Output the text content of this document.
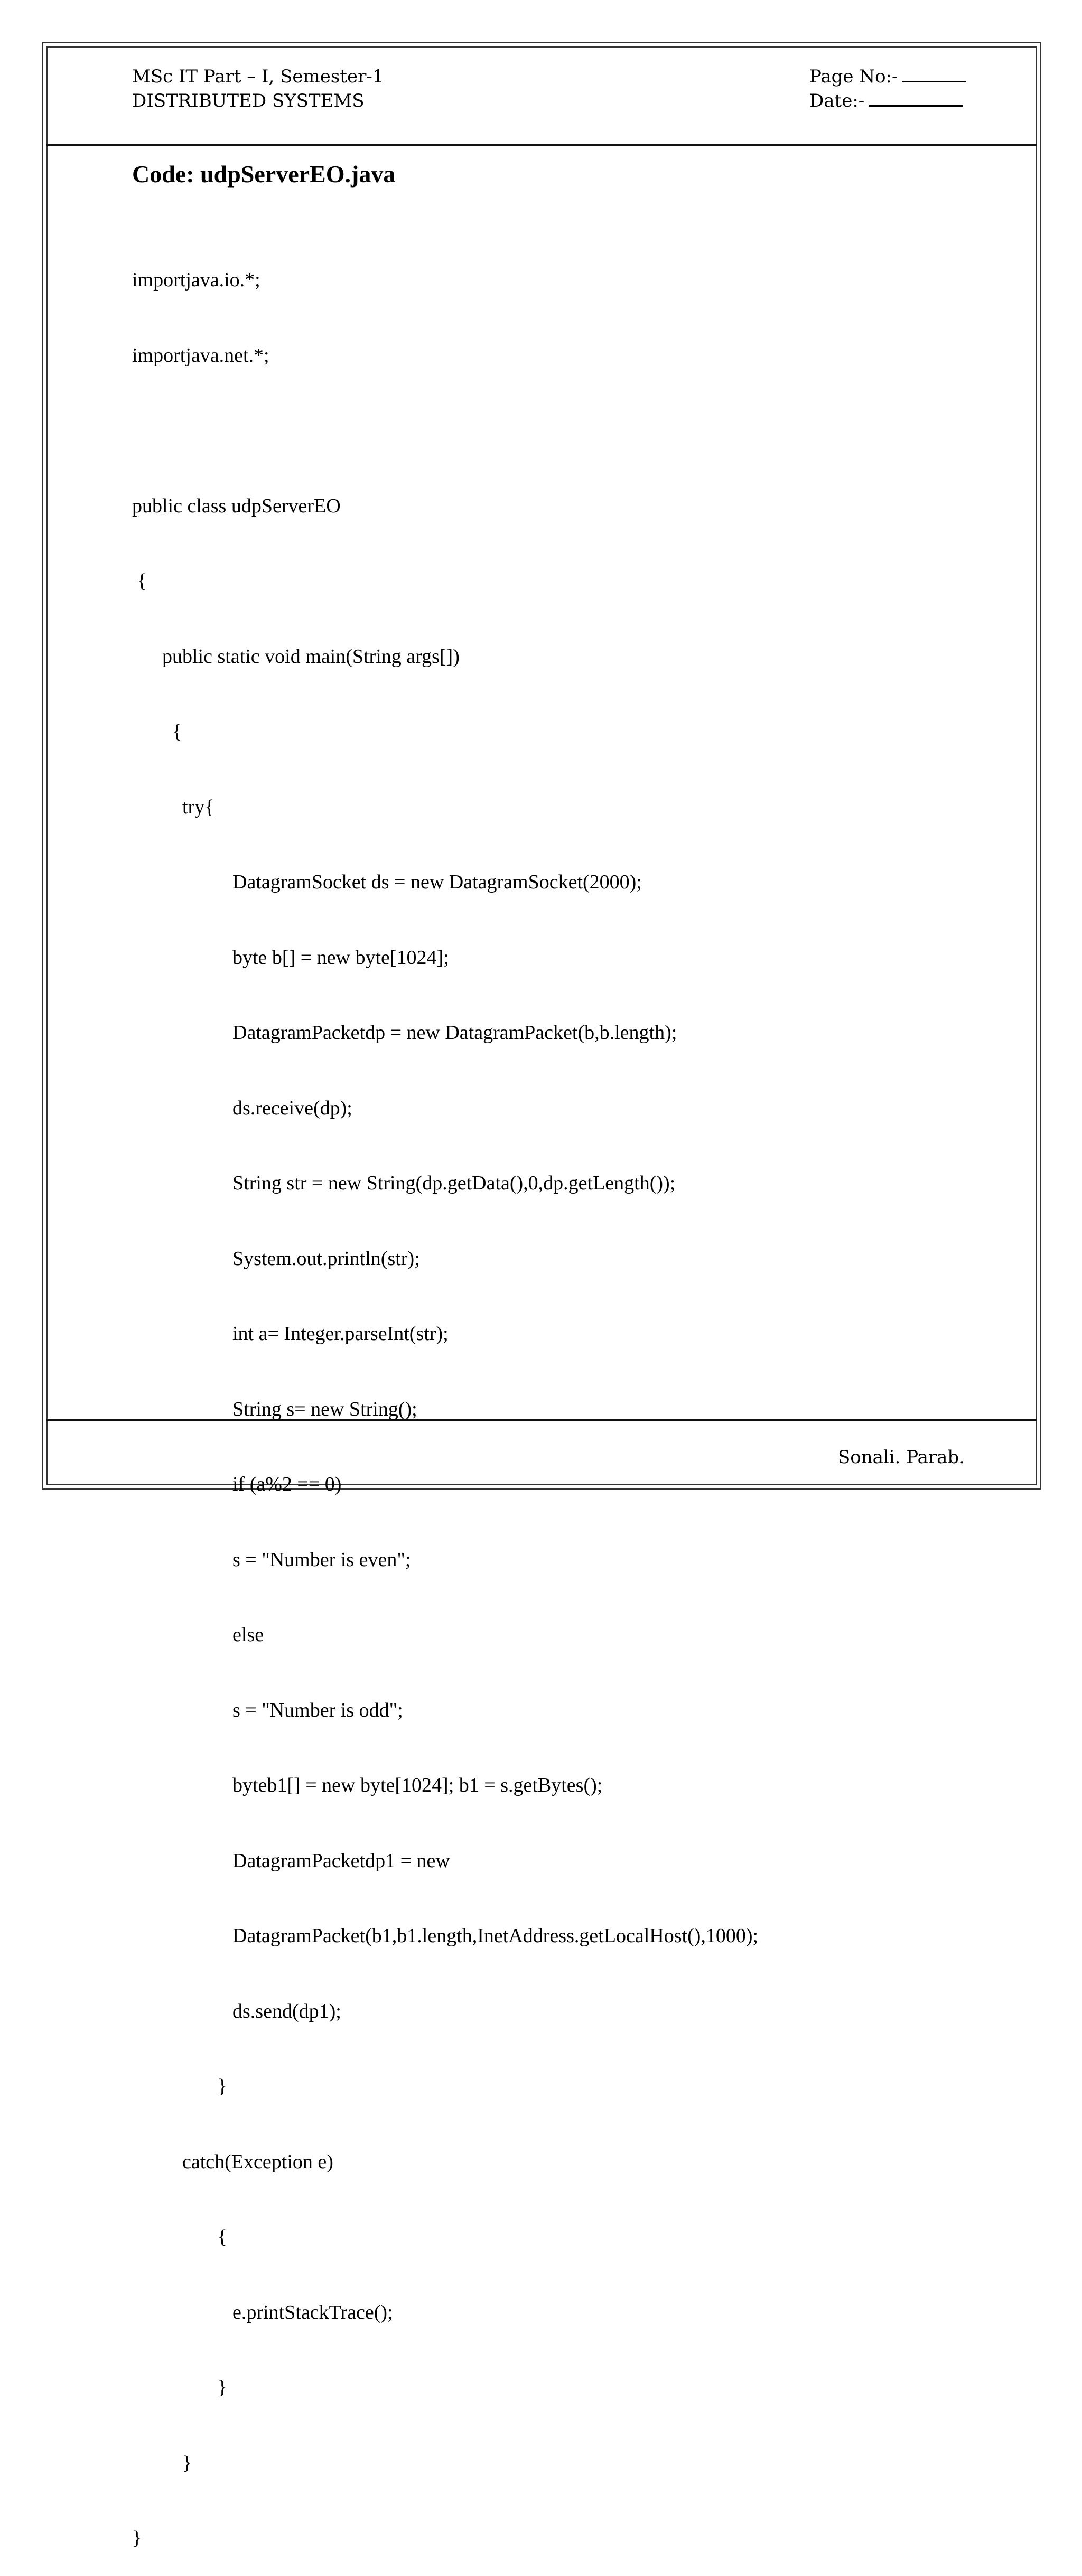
MSc IT Part – I, Semester-1
DISTRIBUTED SYSTEMS
Page No:-
Date:-
Code: udpServerEO.java

importjava.io.*;

importjava.net.*;

public class udpServerEO

{

public static void main(String args[])

{

try{

DatagramSocket ds = new DatagramSocket(2000);

byte b[] = new byte[1024];

DatagramPacketdp = new DatagramPacket(b,b.length);

ds.receive(dp);

String str = new String(dp.getData(),0,dp.getLength());

System.out.println(str);

int a= Integer.parseInt(str);

String s= new String();

if (a%2 == 0)

s = "Number is even";

else

s = "Number is odd";

byteb1[] = new byte[1024]; b1 = s.getBytes();

DatagramPacketdp1 = new

DatagramPacket(b1,b1.length,InetAddress.getLocalHost(),1000);

ds.send(dp1);

}

catch(Exception e)

{

e.printStackTrace();

}

}

}

Sonali. Parab.
